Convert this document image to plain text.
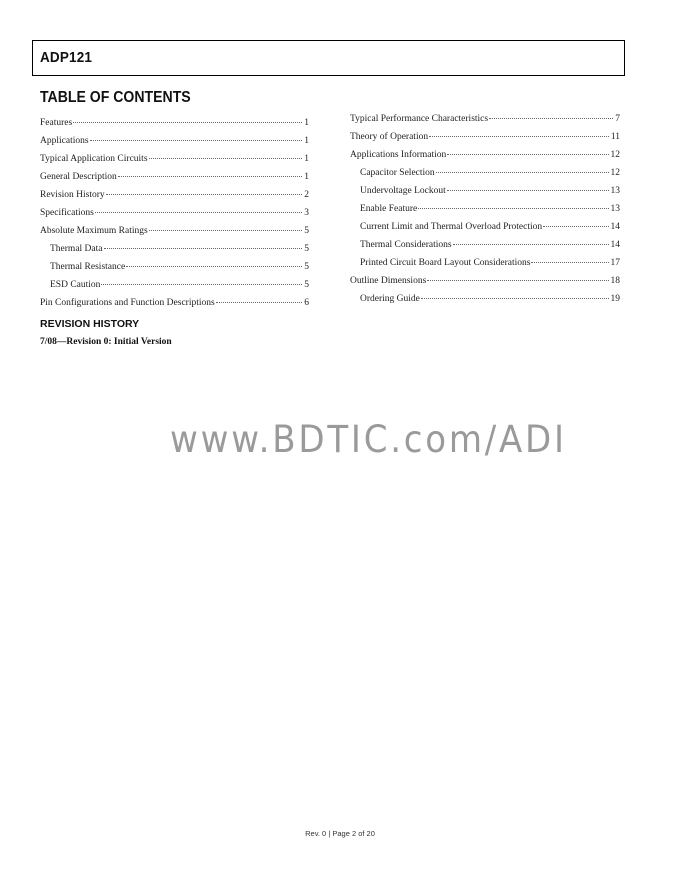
ADP121
TABLE OF CONTENTS
Features	1
Applications	1
Typical Application Circuits	1
General Description	1
Revision History	2
Specifications	3
Absolute Maximum Ratings	5
Thermal Data	5
Thermal Resistance	5
ESD Caution	5
Pin Configurations and Function Descriptions	6
Typical Performance Characteristics	7
Theory of Operation	11
Applications Information	12
Capacitor Selection	12
Undervoltage Lockout	13
Enable Feature	13
Current Limit and Thermal Overload Protection	14
Thermal Considerations	14
Printed Circuit Board Layout Considerations	17
Outline Dimensions	18
Ordering Guide	19
REVISION HISTORY
7/08—Revision 0: Initial Version
www.BDTIC.com/ADI
Rev. 0 | Page 2 of 20
